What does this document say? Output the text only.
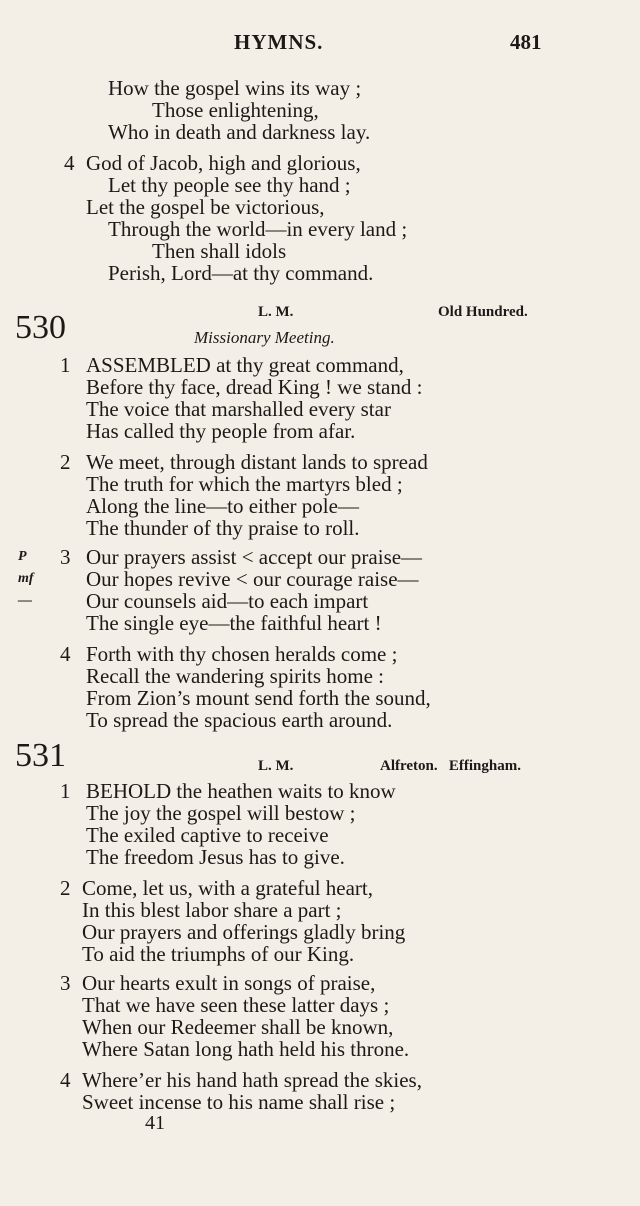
HYMNS.	481
How the gospel wins its way ;
Those enlightening,
Who in death and darkness lay.
4 God of Jacob, high and glorious,
Let thy people see thy hand ;
Let the gospel be victorious,
Through the world—in every land ;
Then shall idols
Perish, Lord—at thy command.
L. M.	Old Hundred.
530	Missionary Meeting.
1 ASSEMBLED at thy great command,
Before thy face, dread King ! we stand :
The voice that marshalled every star
Has called thy people from afar.
2 We meet, through distant lands to spread
The truth for which the martyrs bled ;
Along the line—to either pole—
The thunder of thy praise to roll.
P
mf
—
3 Our prayers assist < accept our praise—
Our hopes revive < our courage raise—
Our counsels aid—to each impart
The single eye—the faithful heart !
4 Forth with thy chosen heralds come ;
Recall the wandering spirits home :
From Zion’s mount send forth the sound,
To spread the spacious earth around.
531	L. M.	Alfreton.   Effingham.
1 BEHOLD the heathen waits to know
The joy the gospel will bestow ;
The exiled captive to receive
The freedom Jesus has to give.
2 Come, let us, with a grateful heart,
In this blest labor share a part ;
Our prayers and offerings gladly bring
To aid the triumphs of our King.
3 Our hearts exult in songs of praise,
That we have seen these latter days ;
When our Redeemer shall be known,
Where Satan long hath held his throne.
4 Where’er his hand hath spread the skies,
Sweet incense to his name shall rise ;
41
